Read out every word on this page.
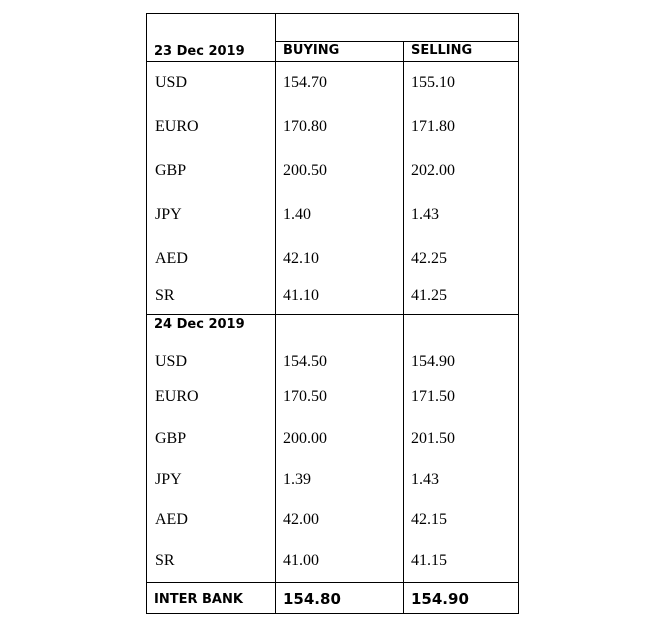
23 Dec 2019	BUYING	SELLING
USD	154.70	155.10
EURO	170.80	171.80
GBP	200.50	202.00
JPY	1.40	1.43
AED	42.10	42.25
SR	41.10	41.25
24 Dec 2019
USD	154.50	154.90
EURO	170.50	171.50
GBP	200.00	201.50
JPY	1.39	1.43
AED	42.00	42.15
SR	41.00	41.15
INTER BANK	154.80	154.90
